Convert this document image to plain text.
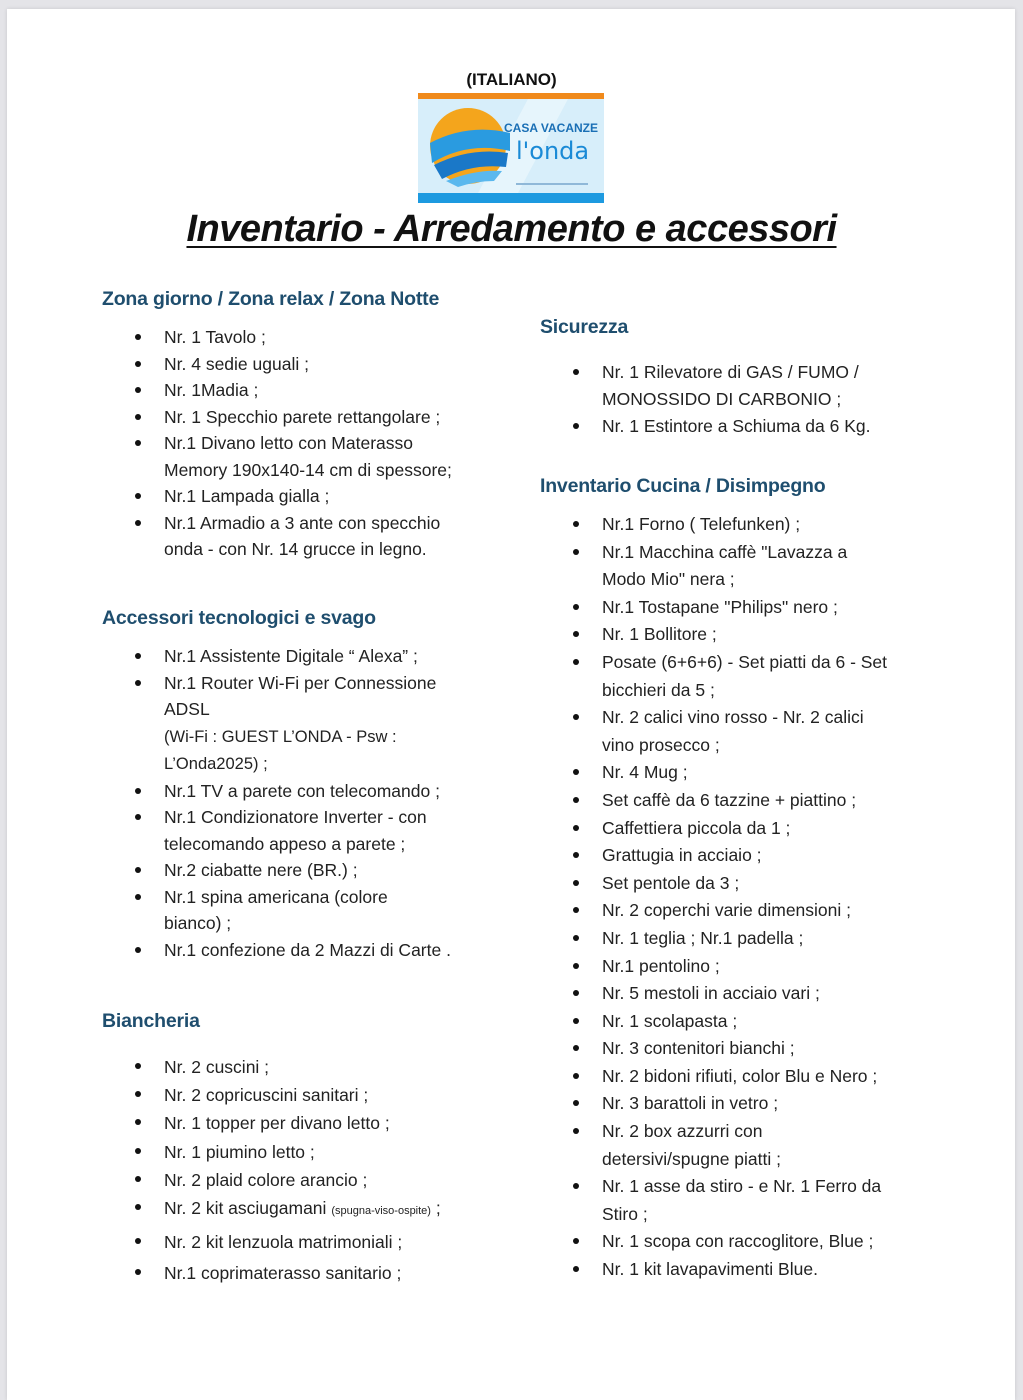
(ITALIANO)
CASA VACANZE
l'onda
Inventario - Arredamento e accessori
Zona giorno / Zona relax / Zona Notte
Nr. 1 Tavolo ;
Nr. 4 sedie uguali ;
Nr. 1Madia ;
Nr. 1 Specchio parete rettangolare ;
Nr.1 Divano letto con Materasso
Memory 190x140-14 cm di spessore;
Nr.1 Lampada gialla ;
Nr.1 Armadio a 3 ante con specchio
onda - con Nr. 14 grucce in legno.
Accessori tecnologici e svago
Nr.1 Assistente Digitale “ Alexa” ;
Nr.1 Router Wi-Fi per Connessione
ADSL
(Wi-Fi : GUEST L’ONDA - Psw :
L’Onda2025) ;
Nr.1 TV a parete con telecomando ;
Nr.1 Condizionatore Inverter - con
telecomando appeso a parete ;
Nr.2 ciabatte nere (BR.) ;
Nr.1 spina americana (colore
bianco) ;
Nr.1 confezione da 2 Mazzi di Carte .
Biancheria
Nr. 2 cuscini ;
Nr. 2 copricuscini sanitari ;
Nr. 1 topper per divano letto ;
Nr. 1 piumino letto ;
Nr. 2 plaid colore arancio ;
Nr. 2 kit asciugamani (spugna-viso-ospite) ;
Nr. 2 kit lenzuola matrimoniali ;
Nr.1 coprimaterasso sanitario ;
Sicurezza
Nr. 1 Rilevatore di GAS / FUMO /
MONOSSIDO DI CARBONIO ;
Nr. 1 Estintore a Schiuma da 6 Kg.
Inventario Cucina / Disimpegno
Nr.1 Forno ( Telefunken) ;
Nr.1 Macchina caffè "Lavazza a
Modo Mio" nera ;
Nr.1 Tostapane "Philips" nero ;
Nr. 1 Bollitore ;
Posate (6+6+6) - Set piatti da 6 - Set
bicchieri da 5 ;
Nr. 2 calici vino rosso - Nr. 2 calici
vino prosecco ;
Nr. 4 Mug ;
Set caffè da 6 tazzine + piattino ;
Caffettiera piccola da 1 ;
Grattugia in acciaio ;
Set pentole da 3 ;
Nr. 2 coperchi varie dimensioni ;
Nr. 1 teglia ; Nr.1 padella ;
Nr.1 pentolino ;
Nr. 5 mestoli in acciaio vari ;
Nr. 1 scolapasta ;
Nr. 3 contenitori bianchi ;
Nr. 2 bidoni rifiuti, color Blu e Nero ;
Nr. 3 barattoli in vetro ;
Nr. 2 box azzurri con
detersivi/spugne piatti ;
Nr. 1 asse da stiro - e Nr. 1 Ferro da
Stiro ;
Nr. 1 scopa con raccoglitore, Blue ;
Nr. 1 kit lavapavimenti Blue.
